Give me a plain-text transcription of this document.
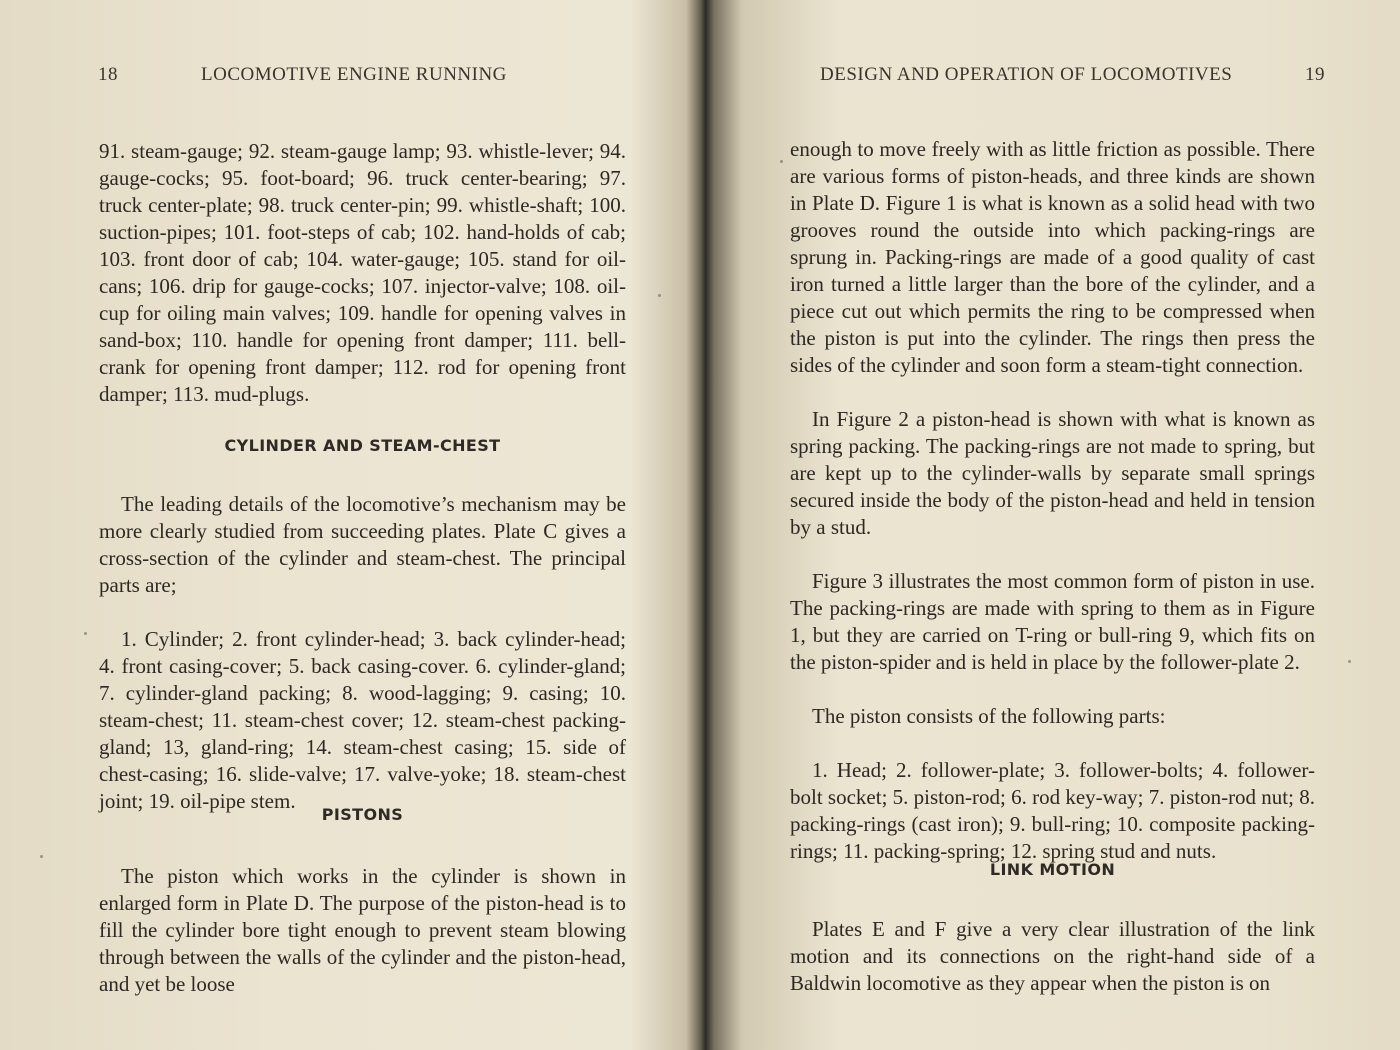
18	LOCOMOTIVE ENGINE RUNNING

91. steam-gauge; 92. steam-gauge lamp; 93. whistle-lever; 94. gauge-cocks; 95. foot-board; 96. truck center-bearing; 97. truck center-plate; 98. truck center-pin; 99. whistle-shaft; 100. suction-pipes; 101. foot-steps of cab; 102. hand-holds of cab; 103. front door of cab; 104. water-gauge; 105. stand for oil-cans; 106. drip for gauge-cocks; 107. injector-valve; 108. oil-cup for oiling main valves; 109. handle for opening valves in sand-box; 110. handle for opening front damper; 111. bell-crank for opening front damper; 112. rod for opening front damper; 113. mud-plugs.

CYLINDER AND STEAM-CHEST

The leading details of the locomotive’s mechanism may be more clearly studied from succeeding plates. Plate C gives a cross-section of the cylinder and steam-chest. The principal parts are;

1. Cylinder; 2. front cylinder-head; 3. back cylinder-head; 4. front casing-cover; 5. back casing-cover. 6. cylinder-gland; 7. cylinder-gland packing; 8. wood-lagging; 9. casing; 10. steam-chest; 11. steam-chest cover; 12. steam-chest packing-gland; 13, gland-ring; 14. steam-chest casing; 15. side of chest-casing; 16. slide-valve; 17. valve-yoke; 18. steam-chest joint; 19. oil-pipe stem.

PISTONS

The piston which works in the cylinder is shown in enlarged form in Plate D. The purpose of the piston-head is to fill the cylinder bore tight enough to prevent steam blowing through between the walls of the cylinder and the piston-head, and yet be loose

DESIGN AND OPERATION OF LOCOMOTIVES	19

enough to move freely with as little friction as possible. There are various forms of piston-heads, and three kinds are shown in Plate D. Figure 1 is what is known as a solid head with two grooves round the outside into which packing-rings are sprung in. Packing-rings are made of a good quality of cast iron turned a little larger than the bore of the cylinder, and a piece cut out which permits the ring to be compressed when the piston is put into the cylinder. The rings then press the sides of the cylinder and soon form a steam-tight connection.

In Figure 2 a piston-head is shown with what is known as spring packing. The packing-rings are not made to spring, but are kept up to the cylinder-walls by separate small springs secured inside the body of the piston-head and held in tension by a stud.

Figure 3 illustrates the most common form of piston in use. The packing-rings are made with spring to them as in Figure 1, but they are carried on T-ring or bull-ring 9, which fits on the piston-spider and is held in place by the follower-plate 2.

The piston consists of the following parts:

1. Head; 2. follower-plate; 3. follower-bolts; 4. follower-bolt socket; 5. piston-rod; 6. rod key-way; 7. piston-rod nut; 8. packing-rings (cast iron); 9. bull-ring; 10. composite packing-rings; 11. packing-spring; 12. spring stud and nuts.

LINK MOTION

Plates E and F give a very clear illustration of the link motion and its connections on the right-hand side of a Baldwin locomotive as they appear when the piston is on
